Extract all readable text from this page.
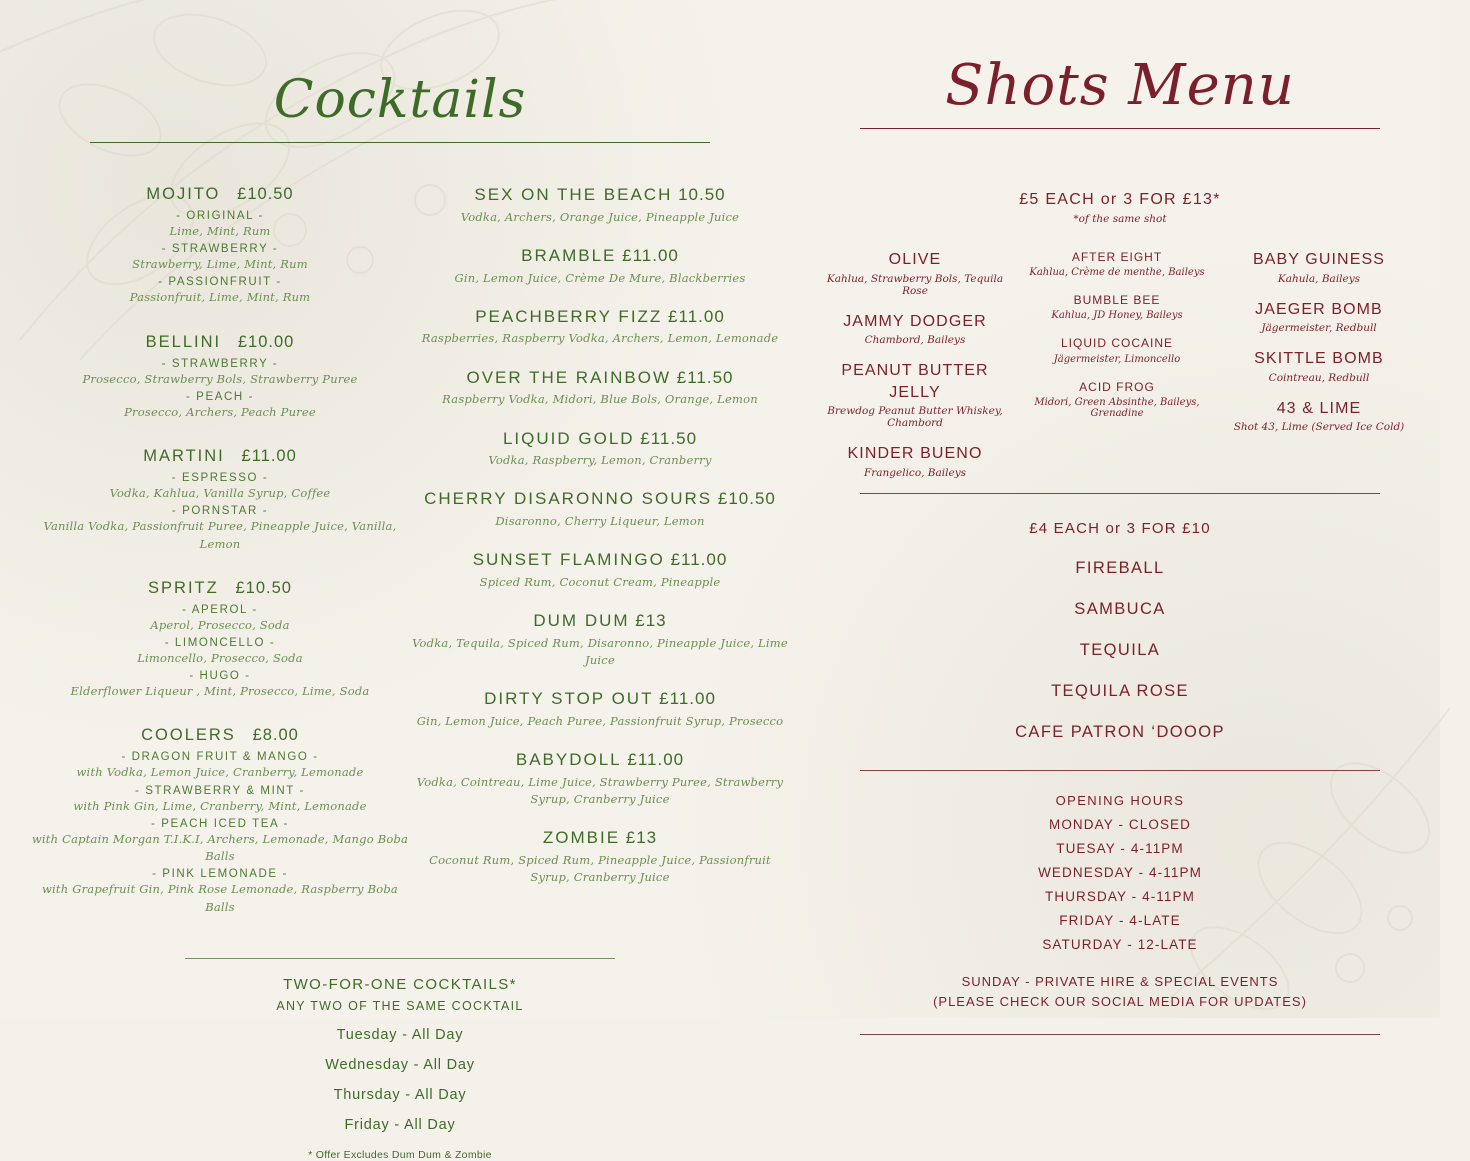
Cocktails
MOJITO   £10.50
- ORIGINAL -
Lime, Mint, Rum
- STRAWBERRY -
Strawberry, Lime, Mint, Rum
- PASSIONFRUIT -
Passionfruit, Lime, Mint, Rum
BELLINI   £10.00
- STRAWBERRY -
Prosecco, Strawberry Bols, Strawberry Puree
- PEACH -
Prosecco, Archers, Peach Puree
MARTINI   £11.00
- ESPRESSO -
Vodka, Kahlua, Vanilla Syrup, Coffee
- PORNSTAR -
Vanilla Vodka, Passionfruit Puree, Pineapple Juice, Vanilla, Lemon
SPRITZ   £10.50
- APEROL -
Aperol, Prosecco, Soda
- LIMONCELLO -
Limoncello, Prosecco, Soda
- HUGO -
Elderflower Liqueur , Mint, Prosecco, Lime, Soda
COOLERS   £8.00
- DRAGON FRUIT & MANGO -
with Vodka, Lemon Juice, Cranberry, Lemonade
- STRAWBERRY & MINT -
with Pink Gin, Lime, Cranberry, Mint, Lemonade
- PEACH ICED TEA -
with Captain Morgan T.I.K.I, Archers, Lemonade, Mango Boba Balls
- PINK LEMONADE -
with Grapefruit Gin, Pink Rose Lemonade, Raspberry Boba Balls
SEX ON THE BEACH 10.50
Vodka, Archers, Orange Juice, Pineapple Juice
BRAMBLE £11.00
Gin, Lemon Juice, Crème De Mure, Blackberries
PEACHBERRY FIZZ £11.00
Raspberries, Raspberry Vodka, Archers, Lemon, Lemonade
OVER THE RAINBOW £11.50
Raspberry Vodka, Midori, Blue Bols, Orange, Lemon
LIQUID GOLD £11.50
Vodka, Raspberry, Lemon, Cranberry
CHERRY DISARONNO SOURS £10.50
Disaronno, Cherry Liqueur, Lemon
SUNSET FLAMINGO £11.00
Spiced Rum, Coconut Cream, Pineapple
DUM DUM £13
Vodka, Tequila, Spiced Rum, Disaronno, Pineapple Juice, Lime Juice
DIRTY STOP OUT £11.00
Gin, Lemon Juice, Peach Puree, Passionfruit Syrup, Prosecco
BABYDOLL £11.00
Vodka, Cointreau, Lime Juice, Strawberry Puree, Strawberry Syrup, Cranberry Juice
ZOMBIE £13
Coconut Rum, Spiced Rum, Pineapple Juice, Passionfruit Syrup, Cranberry Juice
TWO-FOR-ONE COCKTAILS*
ANY TWO OF THE SAME COCKTAIL
Tuesday - All Day
Wednesday - All Day
Thursday - All Day
Friday - All Day
* Offer Excludes Dum Dum & Zombie
Shots Menu
£5 EACH or 3 FOR £13*
*of the same shot
OLIVE
Kahlua, Strawberry Bols, Tequila Rose
JAMMY DODGER
Chambord, Baileys
PEANUT BUTTER JELLY
Brewdog Peanut Butter Whiskey, Chambord
KINDER BUENO
Frangelico, Baileys
AFTER EIGHT
Kahlua, Crème de menthe, Baileys
BUMBLE BEE
Kahlua, JD Honey, Baileys
LIQUID COCAINE
Jägermeister, Limoncello
ACID FROG
Midori, Green Absinthe, Baileys, Grenadine
BABY GUINESS
Kahula, Baileys
JAEGER BOMB
Jägermeister, Redbull
SKITTLE BOMB
Cointreau, Redbull
43 & LIME
Shot 43, Lime (Served Ice Cold)
£4 EACH or 3 FOR £10
FIREBALL
SAMBUCA
TEQUILA
TEQUILA ROSE
CAFE PATRON ‘DOOOP
OPENING HOURS
MONDAY - CLOSED
TUESAY - 4-11PM
WEDNESDAY - 4-11PM
THURSDAY - 4-11PM
FRIDAY - 4-LATE
SATURDAY - 12-LATE
SUNDAY - PRIVATE HIRE & SPECIAL EVENTS
(PLEASE CHECK OUR SOCIAL MEDIA FOR UPDATES)
